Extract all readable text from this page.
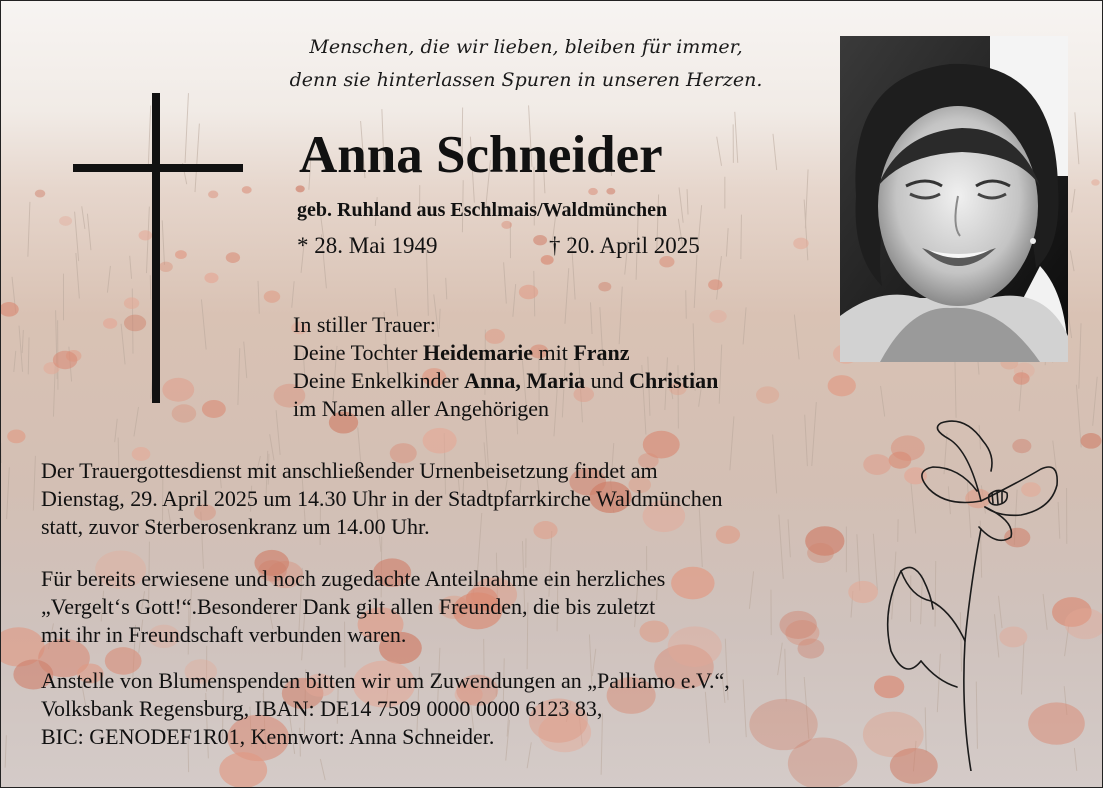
Menschen, die wir lieben, bleiben für immer,
denn sie hinterlassen Spuren in unseren Herzen.
Anna Schneider
geb. Ruhland aus Eschlmais/Waldmünchen
* 28. Mai 1949	† 20. April 2025
In stiller Trauer:
Deine Tochter Heidemarie mit Franz
Deine Enkelkinder Anna, Maria und Christian
im Namen aller Angehörigen
Der Trauergottesdienst mit anschließender Urnenbeisetzung findet am
Dienstag, 29. April 2025 um 14.30 Uhr in der Stadtpfarrkirche Waldmünchen
statt, zuvor Sterberosenkranz um 14.00 Uhr.
Für bereits erwiesene und noch zugedachte Anteilnahme ein herzliches
„Vergelt‘s Gott!“.Besonderer Dank gilt allen Freunden, die bis zuletzt
mit ihr in Freundschaft verbunden waren.
Anstelle von Blumenspenden bitten wir um Zuwendungen an „Palliamo e.V.“,
Volksbank Regensburg, IBAN: DE14 7509 0000 0000 6123 83,
BIC: GENODEF1R01, Kennwort: Anna Schneider.
